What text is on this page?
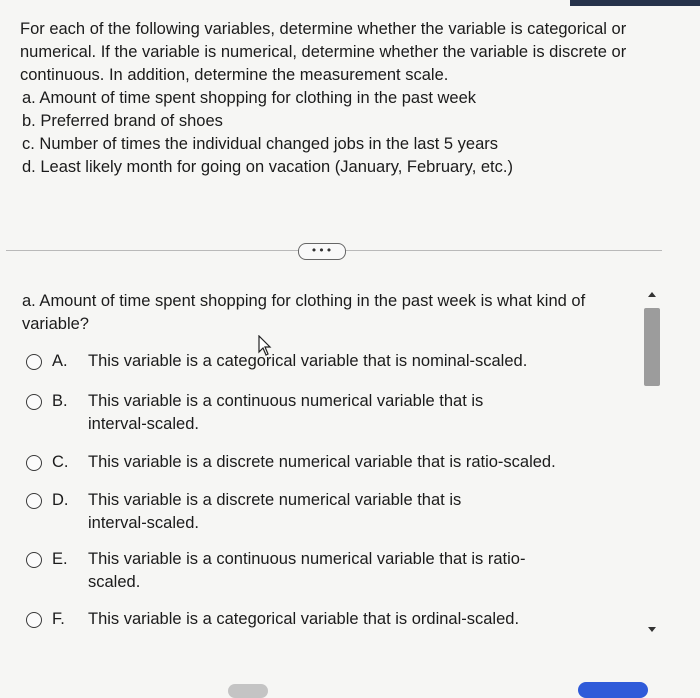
For each of the following variables, determine whether the variable is categorical or numerical. If the variable is numerical, determine whether the variable is discrete or continuous. In addition, determine the measurement scale.

a. Amount of time spent shopping for clothing in the past week

b. Preferred brand of shoes

c. Number of times the individual changed jobs in the last 5 years

d. Least likely month for going on vacation (January, February, etc.)

•••
a. Amount of time spent shopping for clothing in the past week is what kind of variable?
A. This variable is a categorical variable that is nominal-scaled.
B. This variable is a continuous numerical variable that is interval-scaled.
C. This variable is a discrete numerical variable that is ratio-scaled.
D. This variable is a discrete numerical variable that is interval-scaled.
E. This variable is a continuous numerical variable that is ratio-scaled.
F. This variable is a categorical variable that is ordinal-scaled.
